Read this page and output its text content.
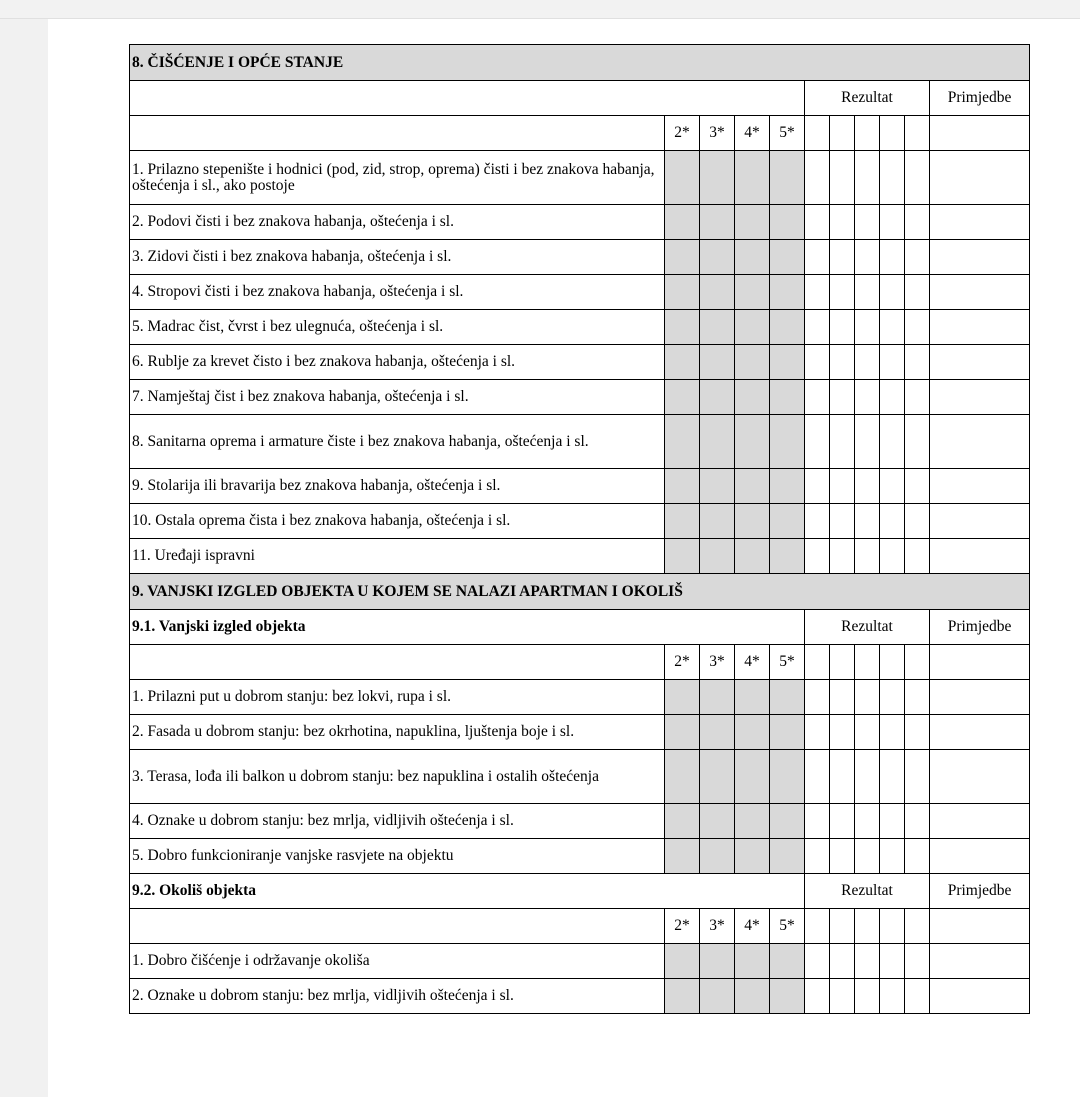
8. ČIŠĆENJE I OPĆE STANJE										
					Rezultat					Primjedbe
	2*	3*	4*	5*						
1. Prilazno stepenište i hodnici (pod, zid, strop, oprema) čisti i bez znakova habanja, oštećenja i sl., ako postoje										
2. Podovi čisti i bez znakova habanja, oštećenja i sl.										
3. Zidovi čisti i bez znakova habanja, oštećenja i sl.										
4. Stropovi čisti i bez znakova habanja, oštećenja i sl.										
5. Madrac čist, čvrst i bez ulegnuća, oštećenja i sl.										
6. Rublje za krevet čisto i bez znakova habanja, oštećenja i sl.										
7. Namještaj čist i bez znakova habanja, oštećenja i sl.										
8. Sanitarna oprema i armature čiste i bez znakova habanja, oštećenja i sl.										
9. Stolarija ili bravarija bez znakova habanja, oštećenja i sl.										
10. Ostala oprema čista i bez znakova habanja, oštećenja i sl.										
11. Uređaji ispravni										
9. VANJSKI IZGLED OBJEKTA U KOJEM SE NALAZI APARTMAN I OKOLIŠ										
9.1. Vanjski izgled objekta					Rezultat					Primjedbe
	2*	3*	4*	5*						
1. Prilazni put u dobrom stanju: bez lokvi, rupa i sl.										
2. Fasada u dobrom stanju: bez okrhotina, napuklina, ljuštenja boje i sl.										
3. Terasa, lođa ili balkon u dobrom stanju: bez napuklina i ostalih oštećenja										
4. Oznake u dobrom stanju: bez mrlja, vidljivih oštećenja i sl.										
5. Dobro funkcioniranje vanjske rasvjete na objektu										
9.2. Okoliš objekta					Rezultat					Primjedbe
	2*	3*	4*	5*						
1. Dobro čišćenje i održavanje okoliša										
2. Oznake u dobrom stanju: bez mrlja, vidljivih oštećenja i sl.										
